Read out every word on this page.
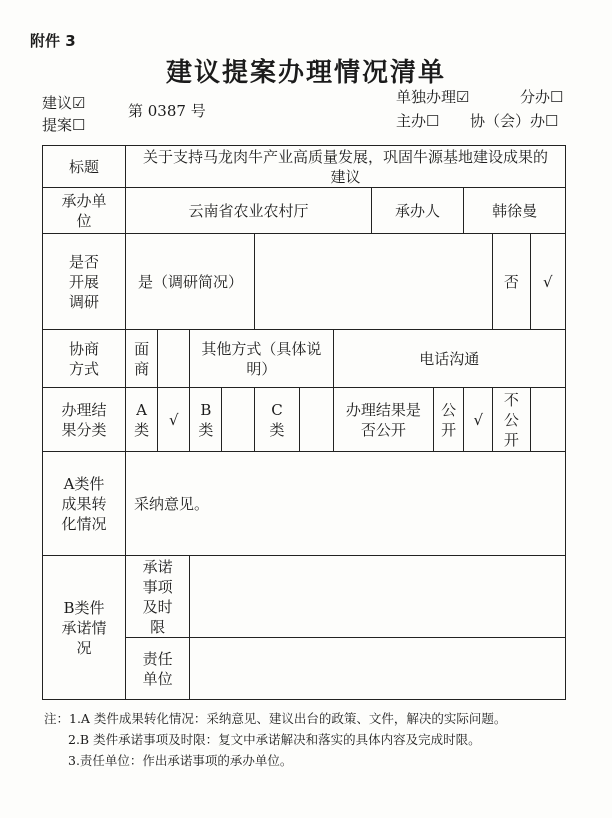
附件 3
建议提案办理情况清单
建议☑
提案☐
第 0387 号
单独办理☑	分办☐
主办☐ 协（会）办☐
标题	关于支持马龙肉牛产业高质量发展，巩固牛源基地建设成果的建议											
承办单位	云南省农业农村厅							承办人		韩徐曼		
是否开展调研	是（调研简况）										否	√
协商方式	面商		其他方式（具体说明）				电话沟通					
办理结果分类	A类	√	B类		C类		办理结果是否公开		公开	√	不公开	
A类件成果转化情况	采纳意见。											
B类件承诺情况	承诺事项及时限											
	责任单位											
注：1.A 类件成果转化情况：采纳意见、建议出台的政策、文件，解决的实际问题。
2.B 类件承诺事项及时限：复文中承诺解决和落实的具体内容及完成时限。
3.责任单位：作出承诺事项的承办单位。
